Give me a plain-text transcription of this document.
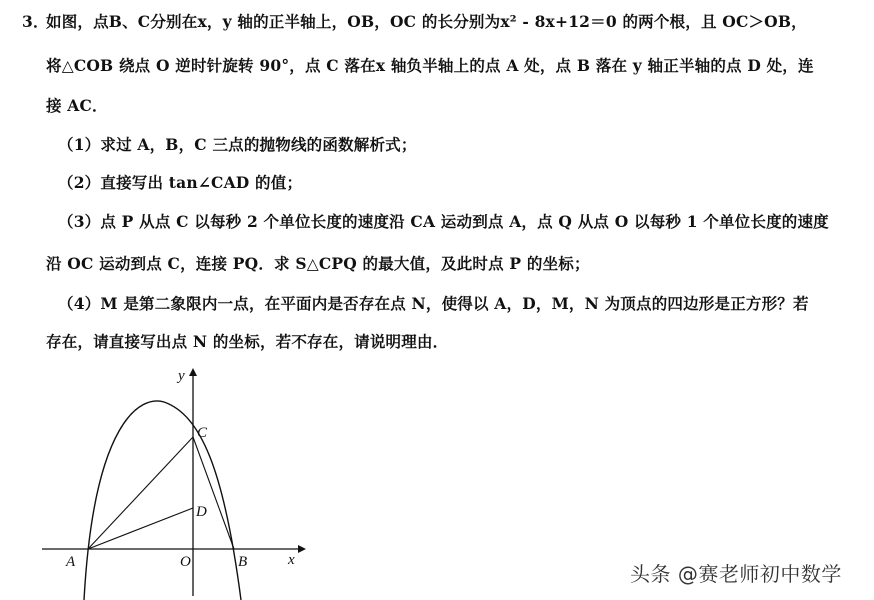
3．
如图，点B、C分别在x，y 轴的正半轴上，OB，OC 的长分别为x² - 8x+12＝0 的两个根，且 OC＞OB，
将△COB 绕点 O 逆时针旋转 90°，点 C 落在x 轴负半轴上的点 A 处，点 B 落在 y 轴正半轴的点 D 处，连
接 AC．
（1）求过 A，B，C 三点的抛物线的函数解析式；
（2）直接写出 tan∠CAD 的值；
（3）点 P 从点 C 以每秒 2 个单位长度的速度沿 CA 运动到点 A，点 Q 从点 O 以每秒 1 个单位长度的速度
沿 OC 运动到点 C，连接 PQ．求 S△CPQ 的最大值，及此时点 P 的坐标；
（4）M 是第二象限内一点，在平面内是否存在点 N，使得以 A，D，M，N 为顶点的四边形是正方形？若
存在，请直接写出点 N 的坐标，若不存在，请说明理由．
y
x
O
A	B
C
D
头条 @赛老师初中数学
